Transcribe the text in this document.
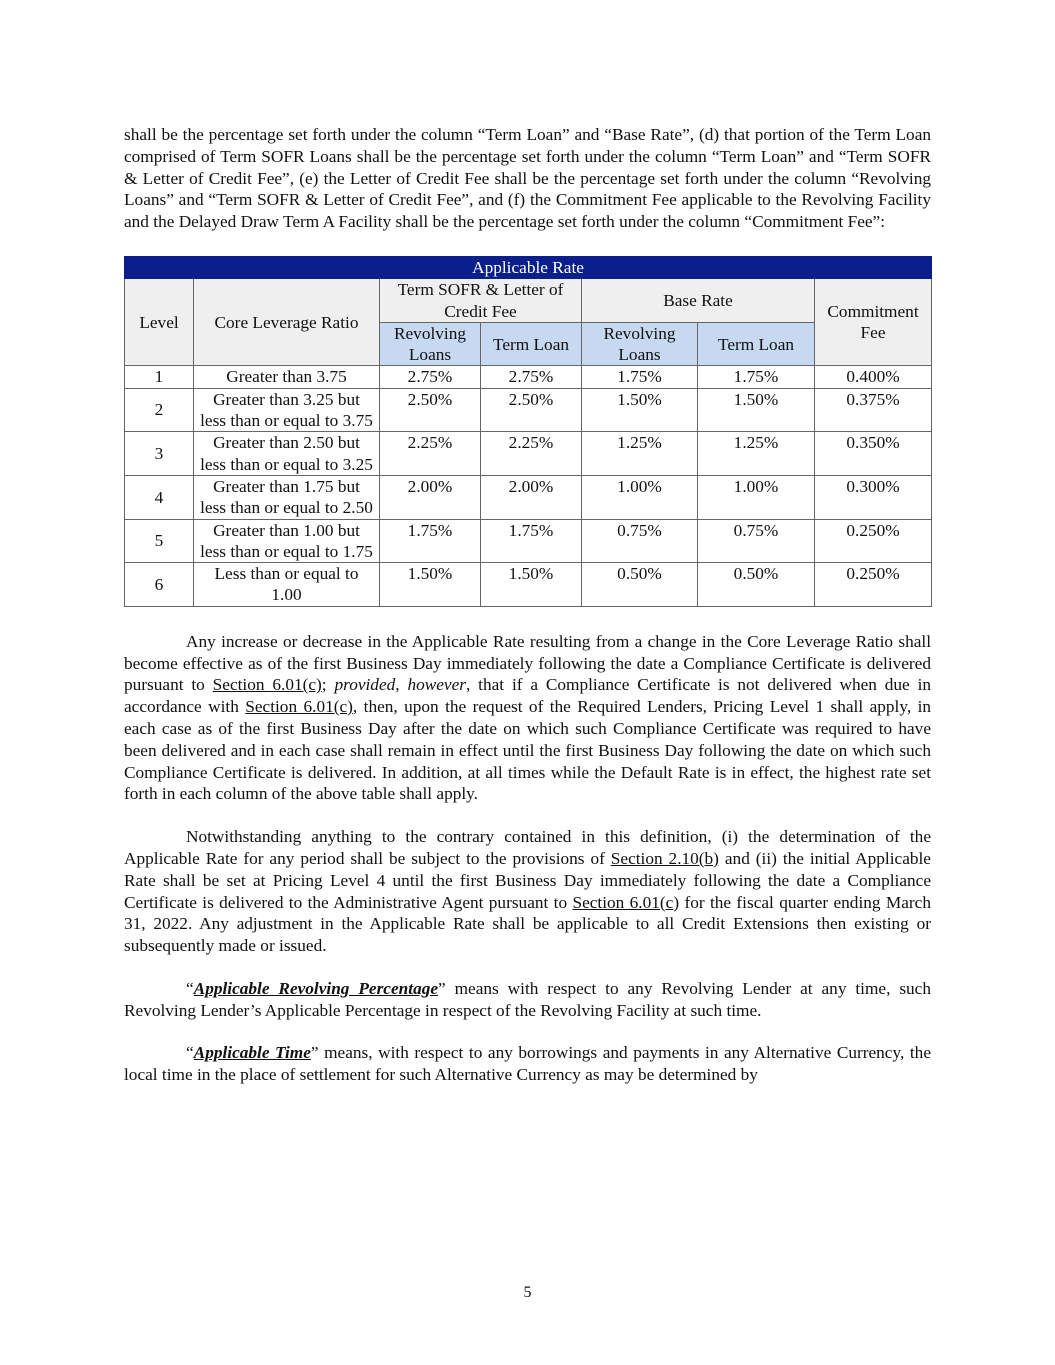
shall be the percentage set forth under the column “Term Loan” and “Base Rate”, (d) that portion of the Term Loan comprised of Term SOFR Loans shall be the percentage set forth under the column “Term Loan” and “Term SOFR & Letter of Credit Fee”, (e) the Letter of Credit Fee shall be the percentage set forth under the column “Revolving Loans” and “Term SOFR & Letter of Credit Fee”, and (f) the Commitment Fee applicable to the Revolving Facility and the Delayed Draw Term A Facility shall be the percentage set forth under the column “Commitment Fee”:

Applicable Rate						
Level	Core Leverage Ratio	Term SOFR & Letter of Credit Fee		Base Rate		Commitment Fee
		Revolving Loans	Term Loan	Revolving Loans	Term Loan	
1	Greater than 3.75	2.75%	2.75%	1.75%	1.75%	0.400%
2	Greater than 3.25 but less than or equal to 3.75	2.50%	2.50%	1.50%	1.50%	0.375%
3	Greater than 2.50 but less than or equal to 3.25	2.25%	2.25%	1.25%	1.25%	0.350%
4	Greater than 1.75 but less than or equal to 2.50	2.00%	2.00%	1.00%	1.00%	0.300%
5	Greater than 1.00 but less than or equal to 1.75	1.75%	1.75%	0.75%	0.75%	0.250%
6	Less than or equal to 1.00	1.50%	1.50%	0.50%	0.50%	0.250%

Any increase or decrease in the Applicable Rate resulting from a change in the Core Leverage Ratio shall become effective as of the first Business Day immediately following the date a Compliance Certificate is delivered pursuant to Section 6.01(c); provided, however, that if a Compliance Certificate is not delivered when due in accordance with Section 6.01(c), then, upon the request of the Required Lenders, Pricing Level 1 shall apply, in each case as of the first Business Day after the date on which such Compliance Certificate was required to have been delivered and in each case shall remain in effect until the first Business Day following the date on which such Compliance Certificate is delivered. In addition, at all times while the Default Rate is in effect, the highest rate set forth in each column of the above table shall apply.

Notwithstanding anything to the contrary contained in this definition, (i) the determination of the Applicable Rate for any period shall be subject to the provisions of Section 2.10(b) and (ii) the initial Applicable Rate shall be set at Pricing Level 4 until the first Business Day immediately following the date a Compliance Certificate is delivered to the Administrative Agent pursuant to Section 6.01(c) for the fiscal quarter ending March 31, 2022. Any adjustment in the Applicable Rate shall be applicable to all Credit Extensions then existing or subsequently made or issued.

“Applicable Revolving Percentage” means with respect to any Revolving Lender at any time, such Revolving Lender’s Applicable Percentage in respect of the Revolving Facility at such time.

“Applicable Time” means, with respect to any borrowings and payments in any Alternative Currency, the local time in the place of settlement for such Alternative Currency as may be determined by

5
